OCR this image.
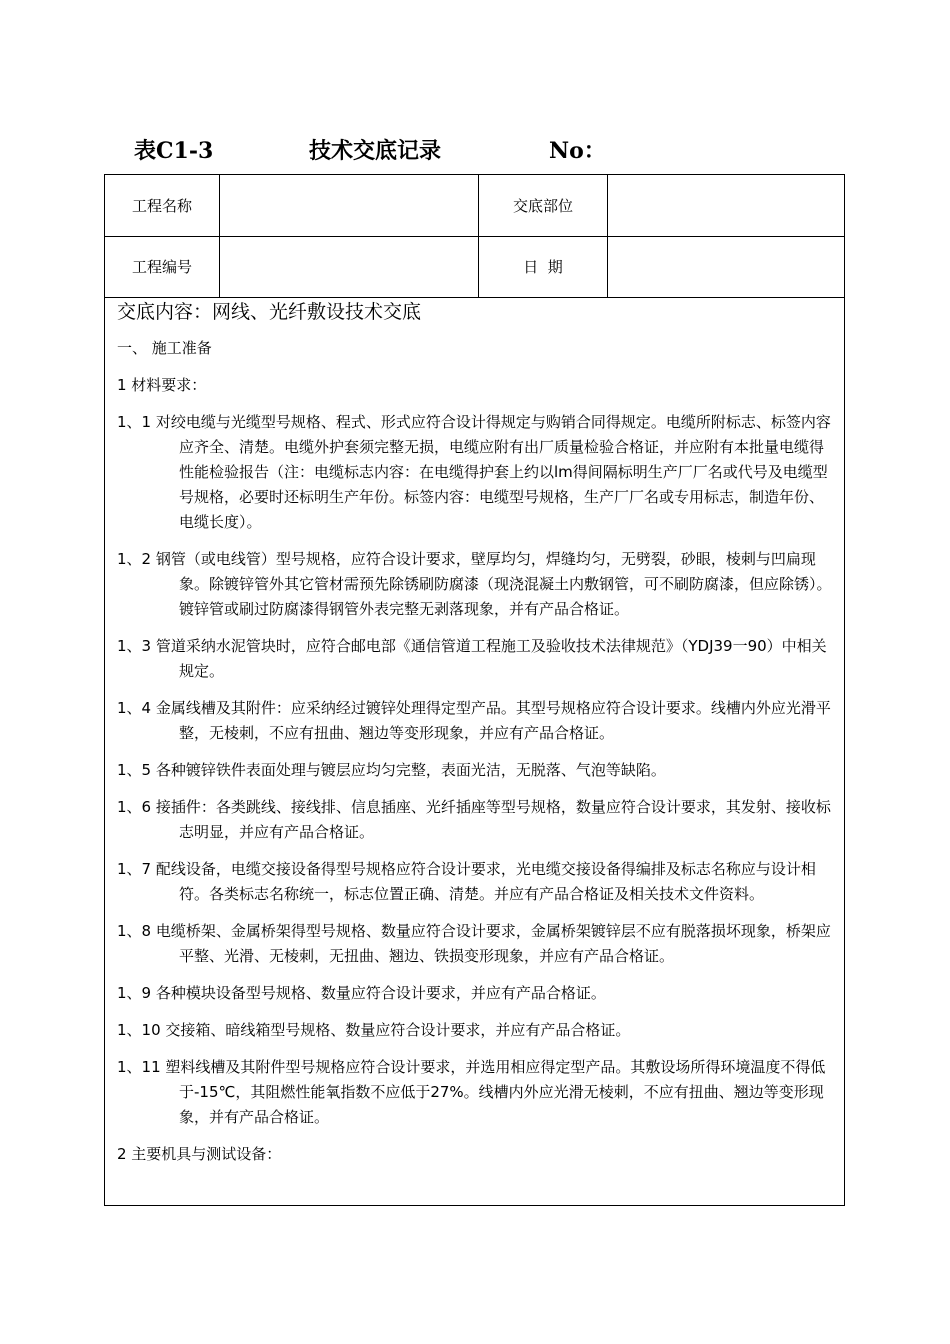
表C1-3	技术交底记录	No：
工程名称	交底部位
工程编号	日  期
交底内容：网线、光纤敷设技术交底
一、 施工准备
1 材料要求：
1、1 对绞电缆与光缆型号规格、程式、形式应符合设计得规定与购销合同得规定。电缆所附标志、标签内容应齐全、清楚。电缆外护套须完整无损，电缆应附有出厂质量检验合格证，并应附有本批量电缆得性能检验报告（注：电缆标志内容：在电缆得护套上约以lm得间隔标明生产厂厂名或代号及电缆型号规格，必要时还标明生产年份。标签内容：电缆型号规格，生产厂厂名或专用标志，制造年份、电缆长度）。
1、2 钢管（或电线管）型号规格，应符合设计要求，壁厚均匀，焊缝均匀，无劈裂，砂眼，棱刺与凹扁现象。除镀锌管外其它管材需预先除锈刷防腐漆（现浇混凝土内敷钢管，可不刷防腐漆，但应除锈）。镀锌管或刷过防腐漆得钢管外表完整无剥落现象，并有产品合格证。
1、3 管道采纳水泥管块时，应符合邮电部《通信管道工程施工及验收技术法律规范》（YDJ39一90）中相关规定。
1、4 金属线槽及其附件：应采纳经过镀锌处理得定型产品。其型号规格应符合设计要求。线槽内外应光滑平整，无棱刺，不应有扭曲、翘边等变形现象，并应有产品合格证。
1、5 各种镀锌铁件表面处理与镀层应均匀完整，表面光洁，无脱落、气泡等缺陷。
1、6 接插件：各类跳线、接线排、信息插座、光纤插座等型号规格，数量应符合设计要求，其发射、接收标志明显，并应有产品合格证。
1、7 配线设备，电缆交接设备得型号规格应符合设计要求，光电缆交接设备得编排及标志名称应与设计相符。各类标志名称统一，标志位置正确、清楚。并应有产品合格证及相关技术文件资料。
1、8 电缆桥架、金属桥架得型号规格、数量应符合设计要求，金属桥架镀锌层不应有脱落损坏现象，桥架应平整、光滑、无棱刺，无扭曲、翘边、铁损变形现象，并应有产品合格证。
1、9 各种模块设备型号规格、数量应符合设计要求，并应有产品合格证。
1、10 交接箱、暗线箱型号规格、数量应符合设计要求，并应有产品合格证。
1、11 塑料线槽及其附件型号规格应符合设计要求，并选用相应得定型产品。其敷设场所得环境温度不得低于-15℃，其阻燃性能氧指数不应低于27%。线槽内外应光滑无棱刺，不应有扭曲、翘边等变形现象，并有产品合格证。
2 主要机具与测试设备：
